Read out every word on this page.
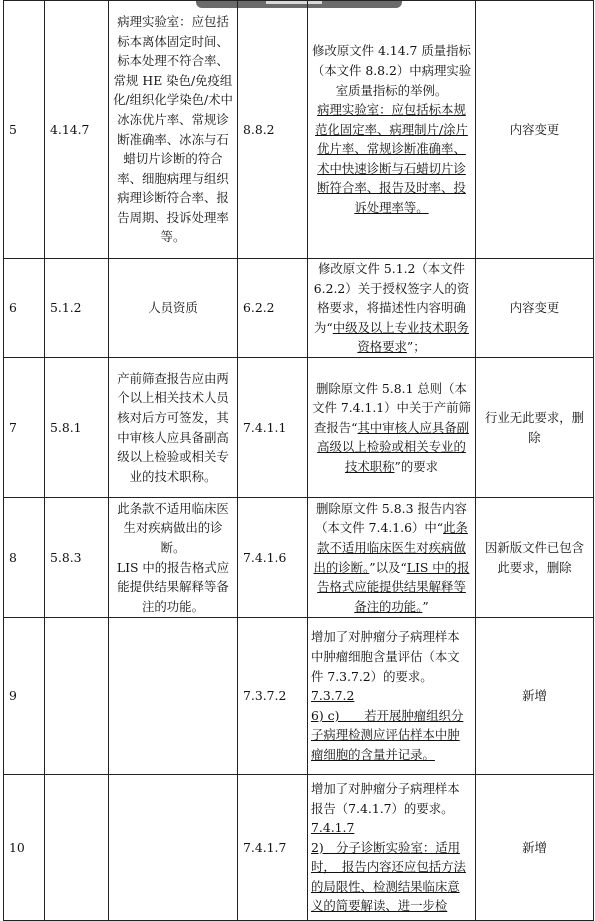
5	4.14.7	病理实验室：应包括标本离体固定时间、标本处理不符合率、常规 HE 染色/免疫组化/组织化学染色/术中冰冻优片率、常规诊断准确率、冰冻与石蜡切片诊断的符合率、细胞病理与组织病理诊断符合率、报告周期、投诉处理率等。	8.8.2	修改原文件 4.14.7 质量指标（本文件 8.8.2）中病理实验室质量指标的举例。
病理实验室：应包括标本规范化固定率、病理制片/涂片优片率、常规诊断准确率、术中快速诊断与石蜡切片诊断符合率、报告及时率、投诉处理率等。	内容变更
6	5.1.2	人员资质	6.2.2	修改原文件 5.1.2（本文件 6.2.2）关于授权签字人的资格要求，将描述性内容明确为“中级及以上专业技术职务资格要求”；	内容变更
7	5.8.1	产前筛查报告应由两个以上相关技术人员核对后方可签发，其中审核人应具备副高级以上检验或相关专业的技术职称。	7.4.1.1	删除原文件 5.8.1 总则（本文件 7.4.1.1）中关于产前筛查报告“其中审核人应具备副高级以上检验或相关专业的技术职称”的要求	行业无此要求，删除
8	5.8.3	此条款不适用临床医生对疾病做出的诊断。
LIS 中的报告格式应能提供结果解释等备注的功能。	7.4.1.6	删除原文件 5.8.3 报告内容（本文件 7.4.1.6）中“此条款不适用临床医生对疾病做出的诊断。”以及“LIS 中的报告格式应能提供结果解释等备注的功能。”	因新版文件已包含此要求，删除
9			7.3.7.2	增加了对肿瘤分子病理样本中肿瘤细胞含量评估（本文件 7.3.7.2）的要求。
7.3.7.2
6) c)　　若开展肿瘤组织分子病理检测应评估样本中肿瘤细胞的含量并记录。	新增
10			7.4.1.7	增加了对肿瘤分子病理样本报告（7.4.1.7）的要求。
7.4.1.7
2)　分子诊断实验室：适用时，　报告内容还应包括方法的局限性、检测结果临床意义的简要解读、进一步检	新增
